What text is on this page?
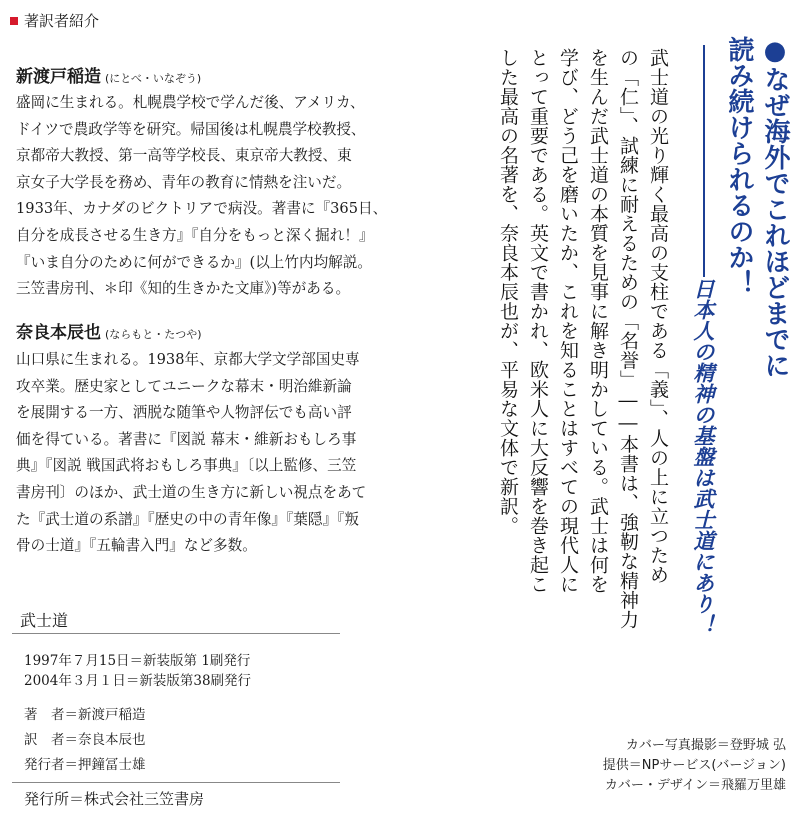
著訳者紹介
新渡戸稲造 (にとべ・いなぞう)
盛岡に生まれる。札幌農学校で学んだ後、アメリカ、
ドイツで農政学等を研究。帰国後は札幌農学校教授、
京都帝大教授、第一高等学校長、東京帝大教授、東
京女子大学長を務め、青年の教育に情熱を注いだ。
1933年、カナダのビクトリアで病没。著書に『365日、
自分を成長させる生き方』『自分をもっと深く掘れ！』
『いま自分のために何ができるか』(以上竹内均解説。
三笠書房刊、＊印《知的生きかた文庫》)等がある。
奈良本辰也 (ならもと・たつや)
山口県に生まれる。1938年、京都大学文学部国史専
攻卒業。歴史家としてユニークな幕末・明治維新論
を展開する一方、洒脱な随筆や人物評伝でも高い評
価を得ている。著書に『図説 幕末・維新おもしろ事
典』『図説 戦国武将おもしろ事典』〔以上監修、三笠
書房刊〕のほか、武士道の生き方に新しい視点をあて
た『武士道の系譜』『歴史の中の青年像』『葉隠』『叛
骨の士道』『五輪書入門』など多数。
武士道
1997年７月15日＝新装版第 1刷発行
2004年３月１日＝新装版第38刷発行
著　者＝新渡戸稲造
訳　者＝奈良本辰也
発行者＝押鐘冨士雄
発行所＝株式会社三笠書房
●なぜ海外でこれほどまでに
読み続けられるのか！
日本人の精神の基盤は武士道にあり！
武士道の光り輝く最高の支柱である「義」、人の上に立つため
の「仁」、試練に耐えるための「名誉」――本書は、強靭な精神力
を生んだ武士道の本質を見事に解き明かしている。武士は何を
学び、どう己を磨いたか、これを知ることはすべての現代人に
とって重要である。英文で書かれ、欧米人に大反響を巻き起こ
した最高の名著を、奈良本辰也が、平易な文体で新訳。
カバー写真撮影＝登野城 弘
提供＝NPサービス(バージョン)
カバー・デザイン＝飛羅万里雄
